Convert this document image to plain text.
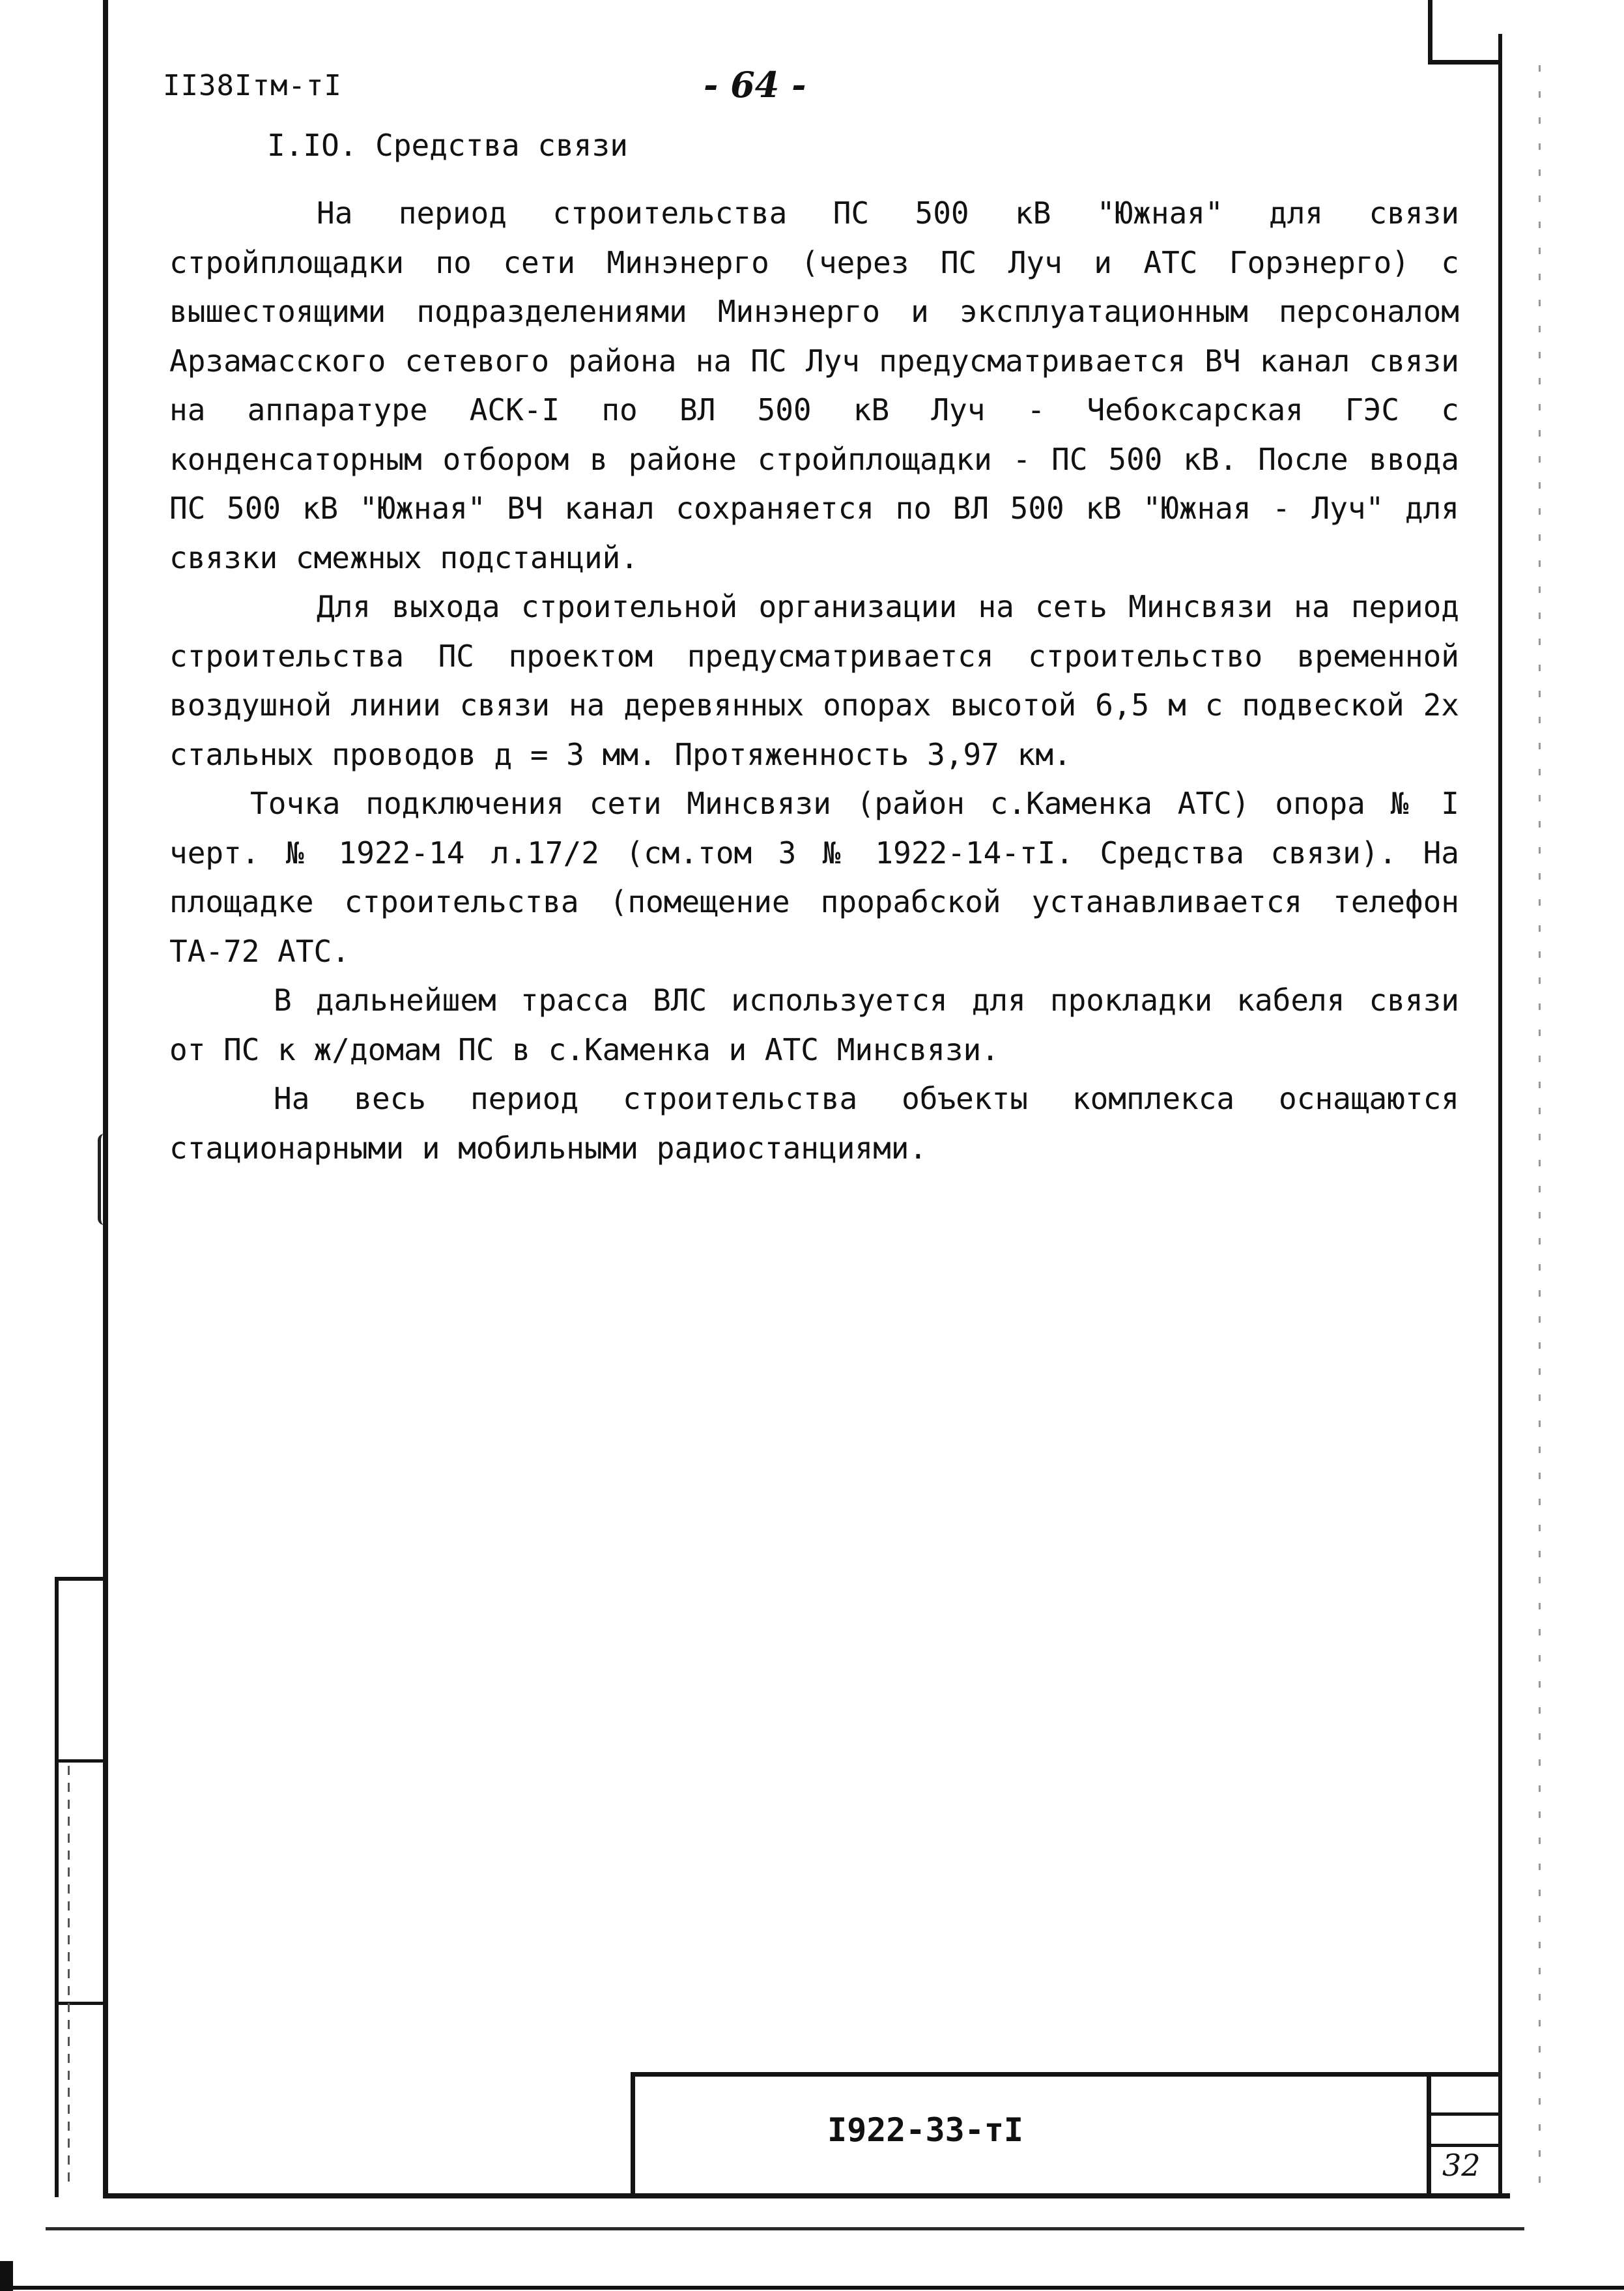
II38Iтм-тI	- 64 -
I.IO. Средства связи

На период строительства ПС 500 кВ "Южная" для связи стройплощадки по сети Минэнерго (через ПС Луч и АТС Горэнерго) с вышестоящими подразделениями Минэнерго и эксплуатационным персоналом Арзамасского сетевого района на ПС Луч предусматривается ВЧ канал связи на аппаратуре АСК-I по ВЛ 500 кВ Луч - Чебоксарская ГЭС с конденсаторным отбором в районе стройплощадки - ПС 500 кВ. После ввода ПС 500 кВ "Южная" ВЧ канал сохраняется по ВЛ 500 кВ "Южная - Луч" для связки смежных подстанций.

Для выхода строительной организации на сеть Минсвязи на период строительства ПС проектом предусматривается строительство временной воздушной линии связи на деревянных опорах высотой 6,5 м с подвеской 2х стальных проводов д = 3 мм. Протяженность 3,97 км.

Точка подключения сети Минсвязи (район с.Каменка АТС) опора № I черт. № 1922-14 л.17/2 (см.том 3 № 1922-14-тI. Средства связи). На площадке строительства (помещение прорабской устанавливается телефон ТА-72 АТС.

В дальнейшем трасса ВЛС используется для прокладки кабеля связи от ПС к ж/домам ПС в с.Каменка и АТС Минсвязи.

На весь период строительства объекты комплекса оснащаются стационарными и мобильными радиостанциями.

I922-33-тI
32
